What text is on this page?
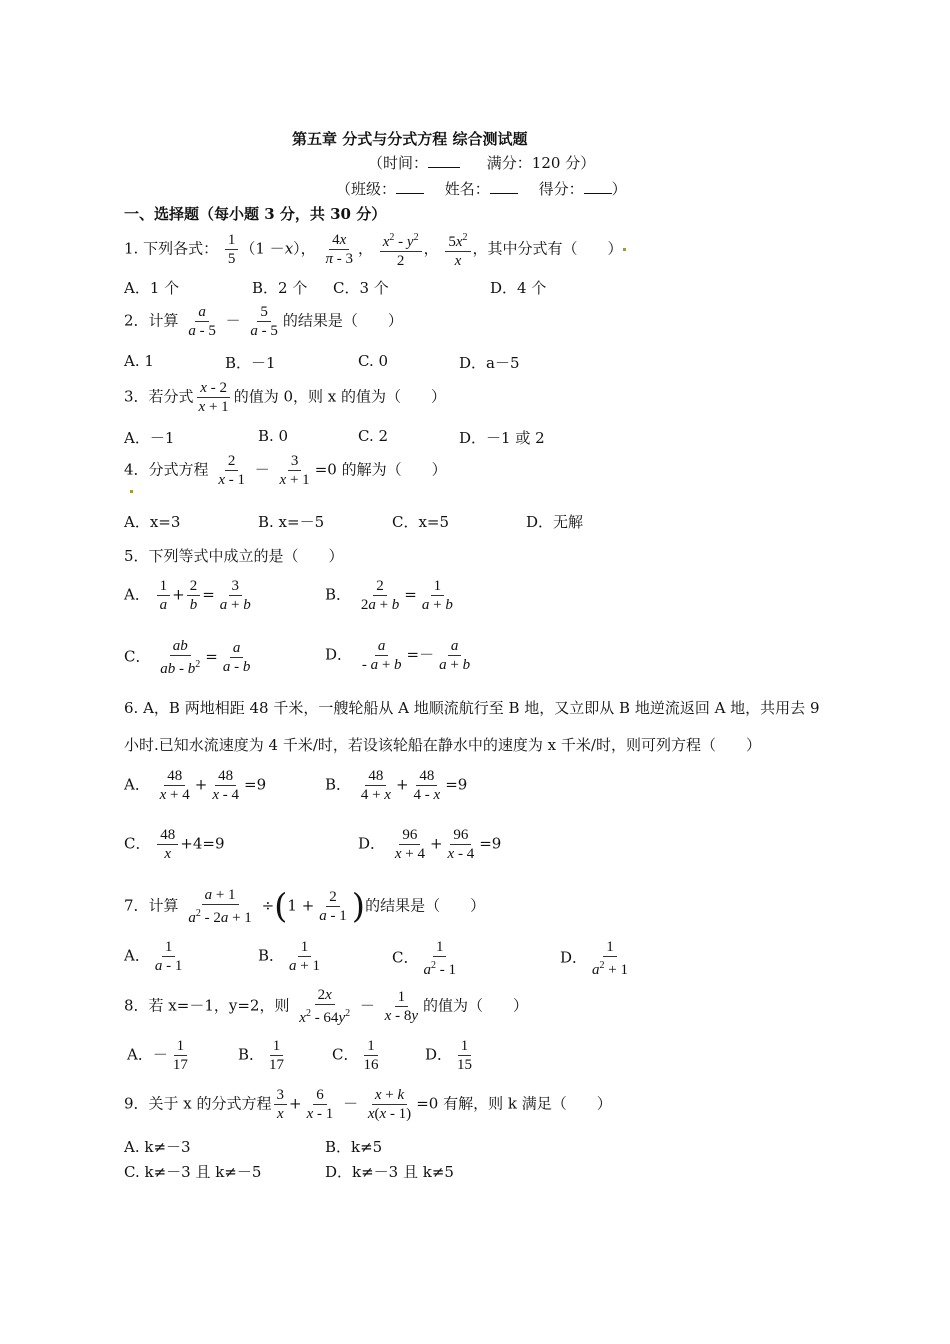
第五章 分式与分式方程 综合测试题
（时间：	满分：120 分）
（班级：	姓名：	得分： ）
一、选择题（每小题 3 分，共 30 分）
1. 下列各式： $\frac{1}{5} (1 -x)$， $\frac{4x}{\pi - 3}$ ， $\frac{x^2 - y^2}{2}$ ， $\frac{5x^2}{x}$ ，其中分式有（　　）
A．1 个	B．2 个 C．3 个	D．4 个
2．计算 $\frac{a}{a - 5} - \frac{5}{a - 5}$ 的结果是（　　）
A. 1	B．－1	C. 0	D．a－5
3．若分式 $\frac{x - 2}{x + 1}$ 的值为 0，则 x 的值为（　　）
A．－1	B. 0	C. 2	D．－1 或 2
4．分式方程 $\frac{2}{x - 1} - \frac{3}{x + 1} =0$ 的解为（　　）
A．x=3	B. x=－5	C．x=5	D．无解
5．下列等式中成立的是（　　）
A． $\frac{1}{a} + \frac{2}{b} = \frac{3}{a + b}$	B． $\frac{2}{2a + b} = \frac{1}{a + b}$
C． $\frac{ab}{ab - b^2} = \frac{a}{a - b}$	D． $\frac{a}{- a + b} =- \frac{a}{a + b}$
6. A，B 两地相距 48 千米，一艘轮船从 A 地顺流航行至 B 地，又立即从 B 地逆流返回 A 地，共用去 9
小时.已知水流速度为 4 千米/时，若设该轮船在静水中的速度为 x 千米/时，则可列方程（　　）
A． $\frac{48}{x + 4} + \frac{48}{x - 4} =9$	B． $\frac{48}{4 + x} + \frac{48}{4 - x} =9$
C． $\frac{48}{x} +4=9$	D． $\frac{96}{x + 4} + \frac{96}{x - 4} =9$
7．计算 $\frac{a + 1}{a^2 - 2a + 1} \div(1 + \frac{2}{a - 1}$ )的结果是（　　）
A． $\frac{1}{a - 1}$	B． $\frac{1}{a + 1}$	C． $\frac{1}{a^2 - 1}$	D． $\frac{1}{a^2 + 1}$
8．若 x=－1，y=2，则 $\frac{2x}{x^2 - 64y^2} - \frac{1}{x - 8y}$ 的值为（　　）
A．－ $\frac{1}{17}$	B． $\frac{1}{17}$	C． $\frac{1}{16}$	D． $\frac{1}{15}$
9．关于 x 的分式方程 $\frac{3}{x} + \frac{6}{x - 1} - \frac{x + k}{x(x - 1)} =0$ 有解，则 k 满足（　　）
A. k≠－3	B．k≠5
C. k≠－3 且 k≠－5	D．k≠－3 且 k≠5
